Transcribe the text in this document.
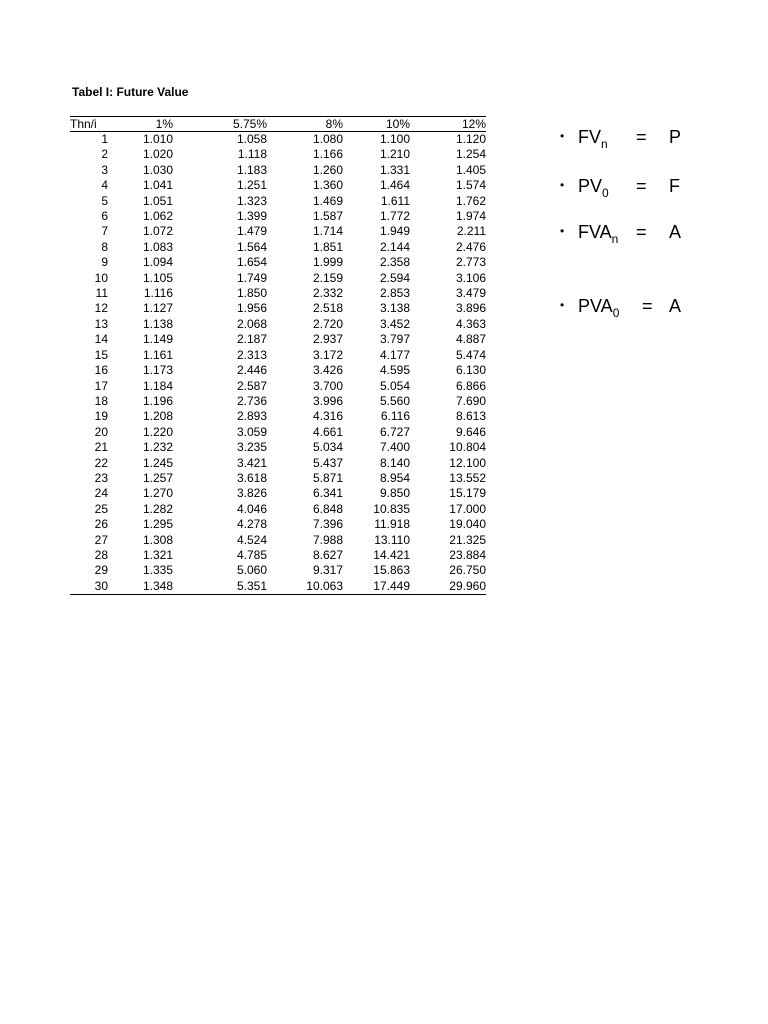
Tabel I: Future Value
Thn/i	1%	5.75%	8%	10%	12%
1	1.010	1.058	1.080	1.100	1.120
2	1.020	1.118	1.166	1.210	1.254
3	1.030	1.183	1.260	1.331	1.405
4	1.041	1.251	1.360	1.464	1.574
5	1.051	1.323	1.469	1.611	1.762
6	1.062	1.399	1.587	1.772	1.974
7	1.072	1.479	1.714	1.949	2.211
8	1.083	1.564	1.851	2.144	2.476
9	1.094	1.654	1.999	2.358	2.773
10	1.105	1.749	2.159	2.594	3.106
11	1.116	1.850	2.332	2.853	3.479
12	1.127	1.956	2.518	3.138	3.896
13	1.138	2.068	2.720	3.452	4.363
14	1.149	2.187	2.937	3.797	4.887
15	1.161	2.313	3.172	4.177	5.474
16	1.173	2.446	3.426	4.595	6.130
17	1.184	2.587	3.700	5.054	6.866
18	1.196	2.736	3.996	5.560	7.690
19	1.208	2.893	4.316	6.116	8.613
20	1.220	3.059	4.661	6.727	9.646
21	1.232	3.235	5.034	7.400	10.804
22	1.245	3.421	5.437	8.140	12.100
23	1.257	3.618	5.871	8.954	13.552
24	1.270	3.826	6.341	9.850	15.179
25	1.282	4.046	6.848	10.835	17.000
26	1.295	4.278	7.396	11.918	19.040
27	1.308	4.524	7.988	13.110	21.325
28	1.321	4.785	8.627	14.421	23.884
29	1.335	5.060	9.317	15.863	26.750
30	1.348	5.351	10.063	17.449	29.960
• $FV_n$	=	P
• $PV_0$	=	F
• $FVA_n$ =	A
• $PVA_0$	= A
